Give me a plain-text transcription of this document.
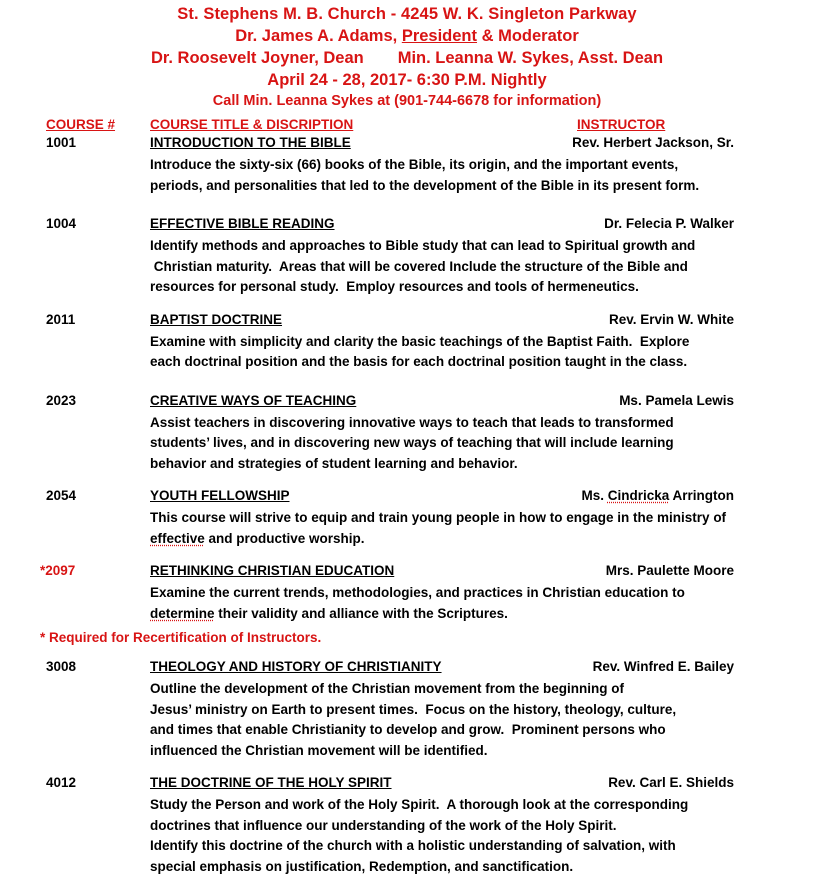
St. Stephens M. B. Church - 4245 W. K. Singleton Parkway
Dr. James A. Adams, President & Moderator
Dr. Roosevelt Joyner, Dean Min. Leanna W. Sykes, Asst. Dean
April 24 - 28, 2017- 6:30 P.M. Nightly
Call Min. Leanna Sykes at (901-744-6678 for information)
COURSE #	COURSE TITLE & DISCRIPTION	INSTRUCTOR
1001	INTRODUCTION TO THE BIBLE	Rev. Herbert Jackson, Sr.
Introduce the sixty-six (66) books of the Bible, its origin, and the important events,
periods, and personalities that led to the development of the Bible in its present form.
1004	EFFECTIVE BIBLE READING	Dr. Felecia P. Walker
Identify methods and approaches to Bible study that can lead to Spiritual growth and
Christian maturity.  Areas that will be covered Include the structure of the Bible and
resources for personal study.  Employ resources and tools of hermeneutics.
2011	BAPTIST DOCTRINE	Rev. Ervin W. White
Examine with simplicity and clarity the basic teachings of the Baptist Faith.  Explore
each doctrinal position and the basis for each doctrinal position taught in the class.
2023	CREATIVE WAYS OF TEACHING	Ms. Pamela Lewis
Assist teachers in discovering innovative ways to teach that leads to transformed
students’ lives, and in discovering new ways of teaching that will include learning
behavior and strategies of student learning and behavior.
2054	YOUTH FELLOWSHIP	Ms. Cindricka Arrington
This course will strive to equip and train young people in how to engage in the ministry of
effective and productive worship.
*2097	RETHINKING CHRISTIAN EDUCATION	Mrs. Paulette Moore
Examine the current trends, methodologies, and practices in Christian education to
determine their validity and alliance with the Scriptures.
* Required for Recertification of Instructors.
3008	THEOLOGY AND HISTORY OF CHRISTIANITY	Rev. Winfred E. Bailey
Outline the development of the Christian movement from the beginning of
Jesus’ ministry on Earth to present times.  Focus on the history, theology, culture,
and times that enable Christianity to develop and grow.  Prominent persons who
influenced the Christian movement will be identified.
4012	THE DOCTRINE OF THE HOLY SPIRIT	Rev. Carl E. Shields
Study the Person and work of the Holy Spirit.  A thorough look at the corresponding
doctrines that influence our understanding of the work of the Holy Spirit.
Identify this doctrine of the church with a holistic understanding of salvation, with
special emphasis on justification, Redemption, and sanctification.
